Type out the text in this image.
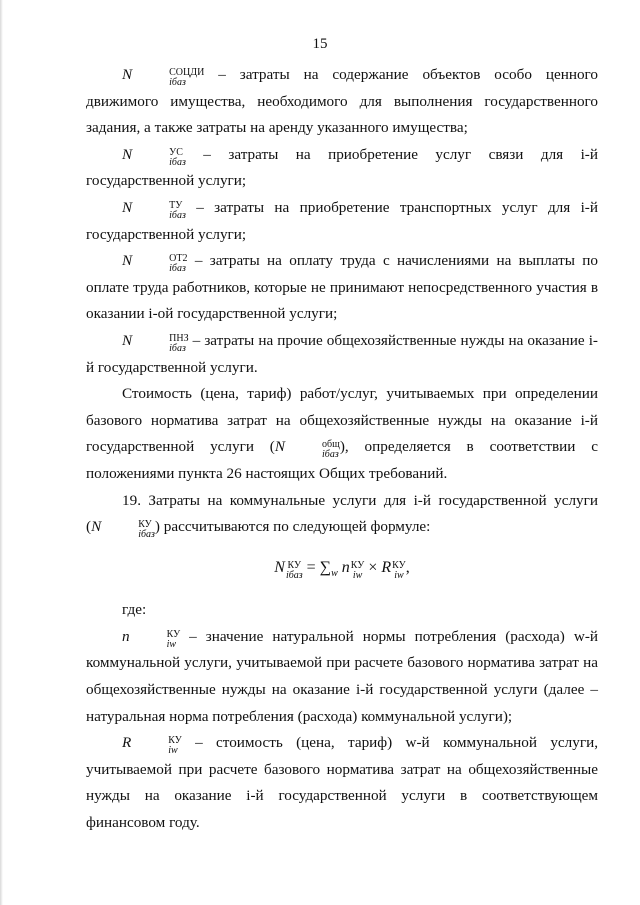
15

N	СОЦДИ
iбаз	– затраты на содержание объектов особо ценного движимого имущества, необходимого для выполнения государственного задания, а также затраты на аренду указанного имущества;

N	УС
iбаз – затраты на приобретение услуг связи для i-й государственной услуги;

N	ТУ
iбаз – затраты на приобретение транспортных услуг для i-й государственной услуги;

N	ОТ2
iбаз – затраты на оплату труда с начислениями на выплаты по оплате труда работников, которые не принимают непосредственного участия в оказании i-ой государственной услуги;

N	ПНЗ
iбаз – затраты на прочие общехозяйственные нужды на оказание i-й государственной услуги.

Стоимость (цена, тариф) работ/услуг, учитываемых при определении базового норматива затрат на общехозяйственные нужды на оказание i-й государственной услуги (N	общ
iбаз ), определяется в соответствии с положениями пункта 26 настоящих Общих требований.

19. Затраты на коммунальные услуги для i-й государственной услуги (N	КУ
iбаз ) рассчитываются по следующей формуле:

N КУ
iбаз = $\sum_w$ n КУ
iw × R КУ
iw ,

где:

n	КУ
iw – значение натуральной нормы потребления (расхода) w-й коммунальной услуги, учитываемой при расчете базового норматива затрат на общехозяйственные нужды на оказание i-й государственной услуги (далее – натуральная норма потребления (расхода) коммунальной услуги);

R	КУ
iw – стоимость (цена, тариф) w-й коммунальной услуги, учитываемой при расчете базового норматива затрат на общехозяйственные нужды на оказание i-й государственной услуги в соответствующем финансовом году.
